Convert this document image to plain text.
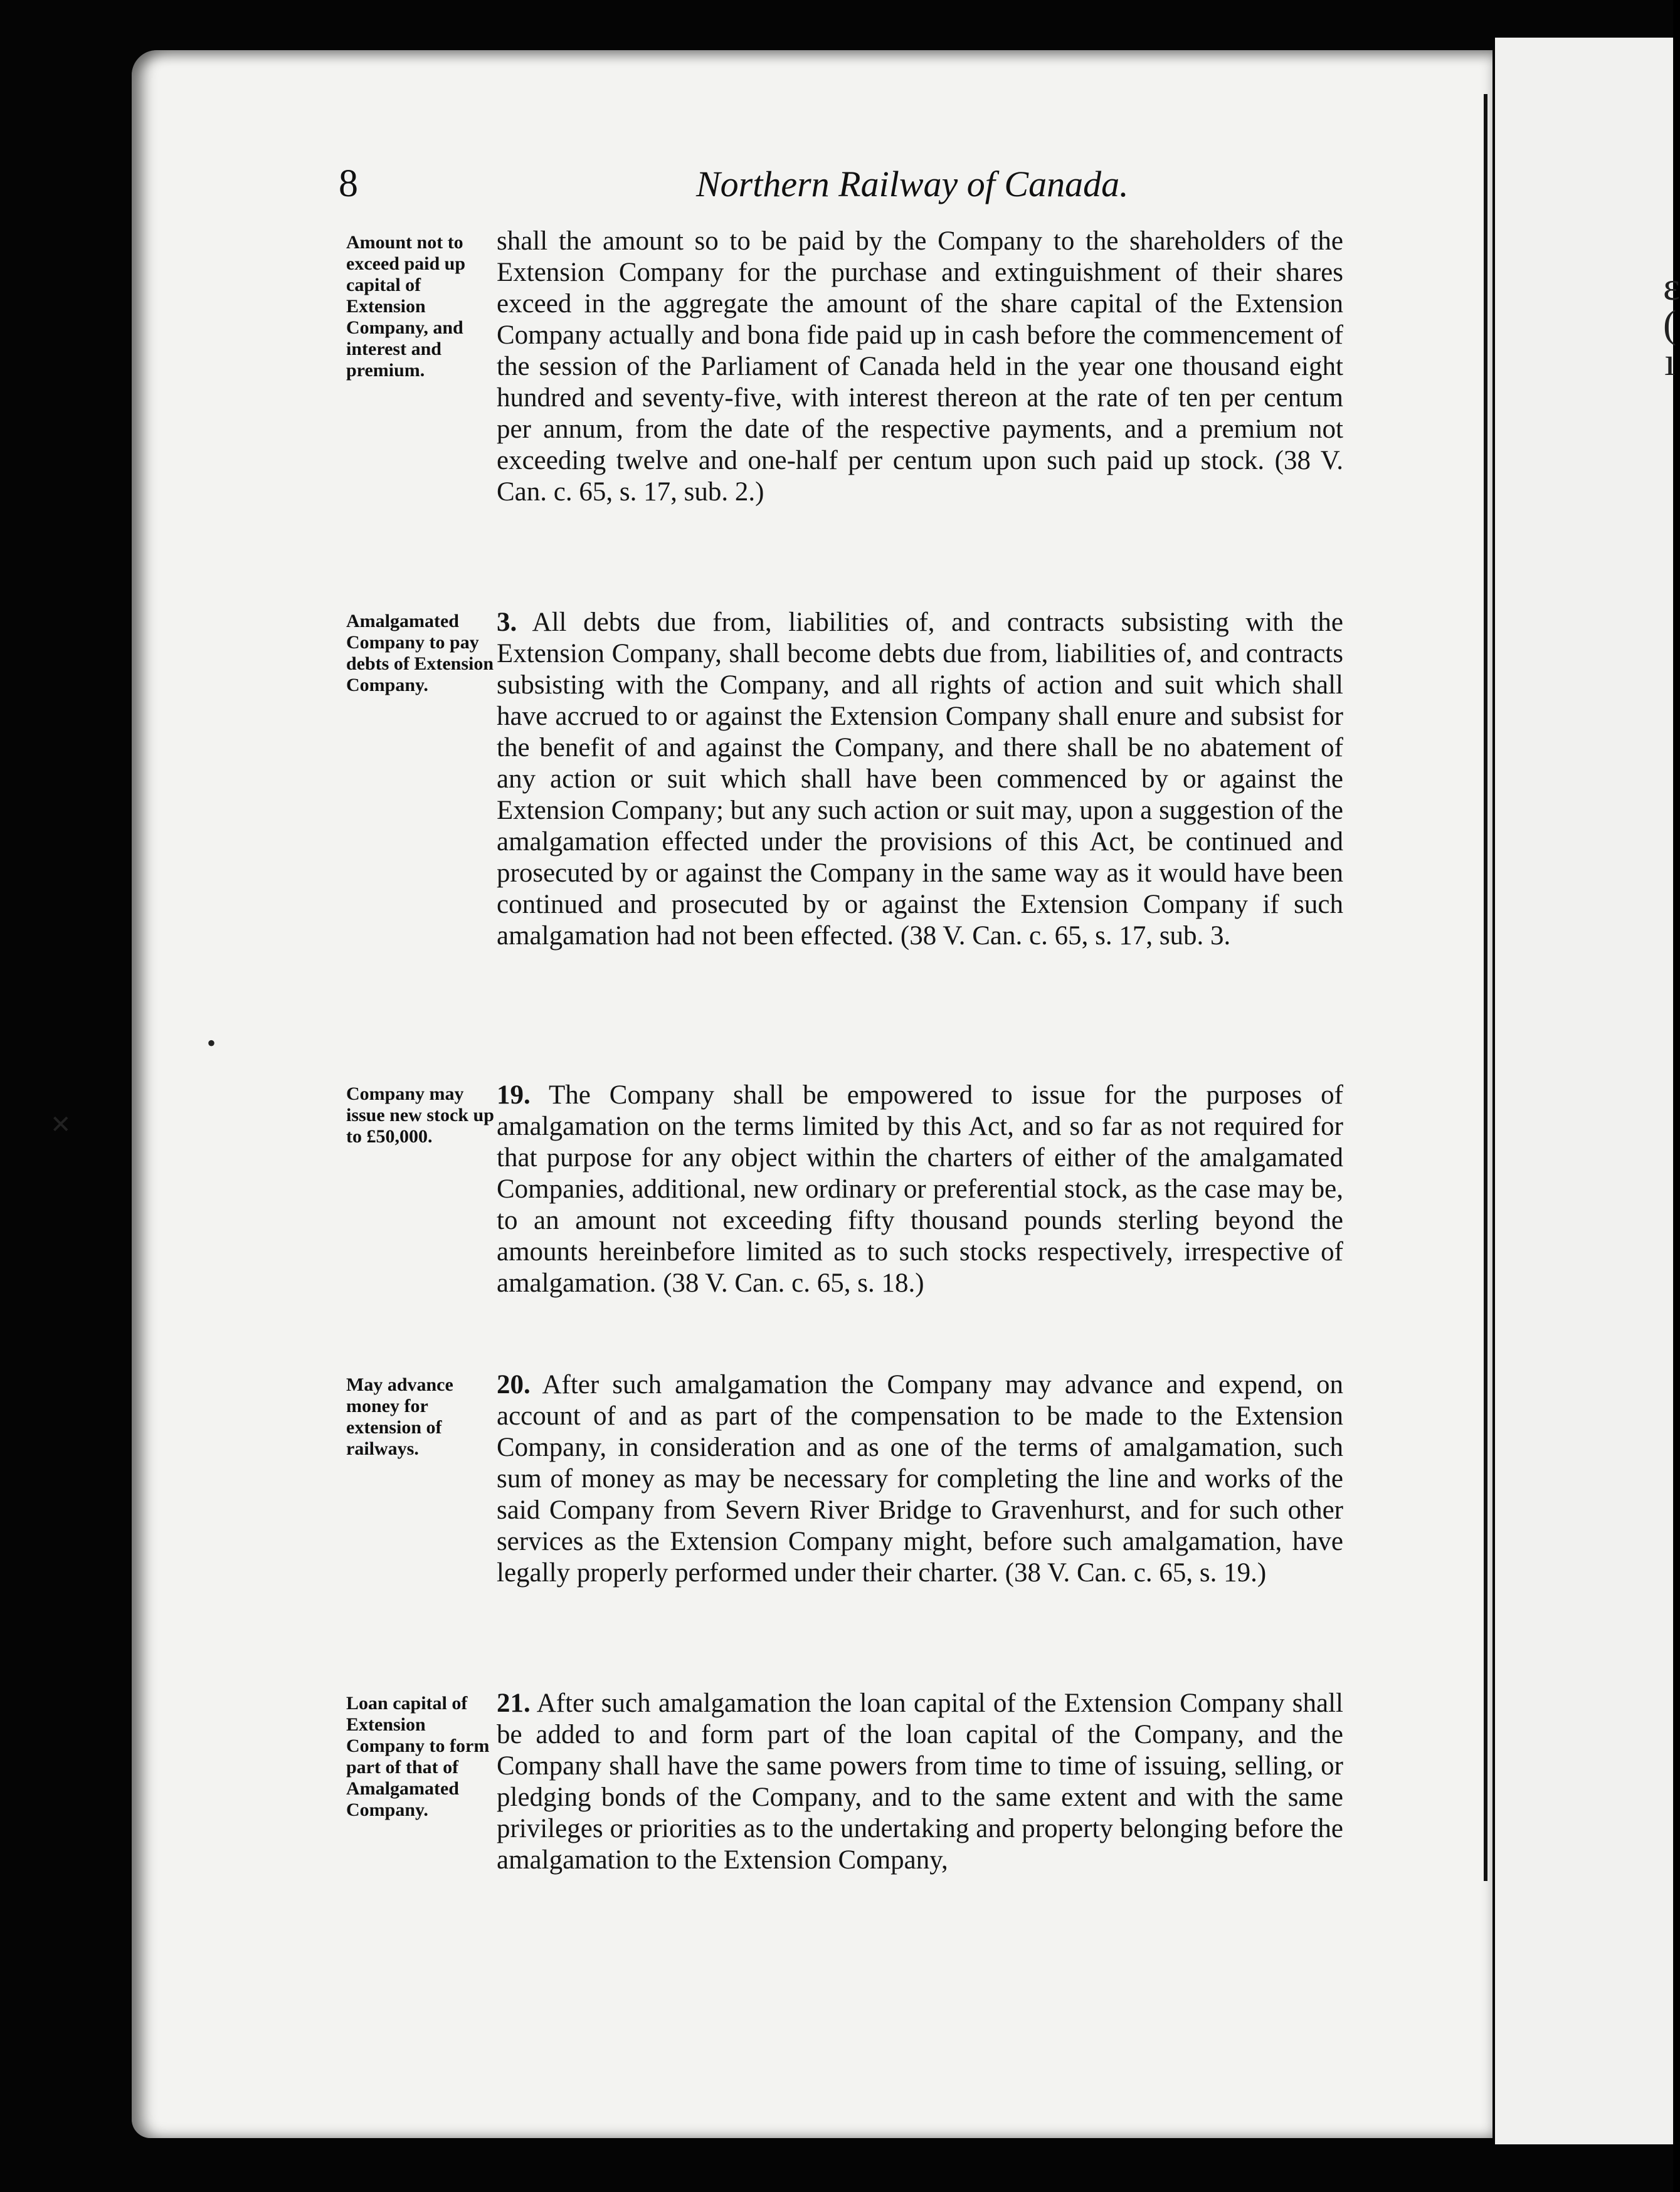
ɛ
(
ı
•
✕
8	Northern Railway of Canada.
Amount not to exceed paid up capital of Extension Company, and interest and premium.
shall the amount so to be paid by the Company to the shareholders of the Extension Company for the purchase and extinguishment of their shares exceed in the aggregate the amount of the share capital of the Extension Company actually and bona fide paid up in cash before the commencement of the session of the Parliament of Canada held in the year one thousand eight hundred and seventy-five, with interest thereon at the rate of ten per centum per annum, from the date of the respective payments, and a premium not exceeding twelve and one-half per centum upon such paid up stock. (38 V. Can. c. 65, s. 17, sub. 2.)
Amalgamated Company to pay debts of Extension Company.
3. All debts due from, liabilities of, and contracts subsisting with the Extension Company, shall become debts due from, liabilities of, and contracts subsisting with the Company, and all rights of action and suit which shall have accrued to or against the Extension Company shall enure and subsist for the benefit of and against the Company, and there shall be no abatement of any action or suit which shall have been commenced by or against the Extension Company; but any such action or suit may, upon a suggestion of the amalgamation effected under the provisions of this Act, be continued and prosecuted by or against the Company in the same way as it would have been continued and prosecuted by or against the Extension Company if such amalgamation had not been effected. (38 V. Can. c. 65, s. 17, sub. 3.
Company may issue new stock up to £50,000.
19. The Company shall be empowered to issue for the purposes of amalgamation on the terms limited by this Act, and so far as not required for that purpose for any object within the charters of either of the amalgamated Companies, additional, new ordinary or preferential stock, as the case may be, to an amount not exceeding fifty thousand pounds sterling beyond the amounts hereinbefore limited as to such stocks respectively, irrespective of amalgamation. (38 V. Can. c. 65, s. 18.)
May advance money for extension of railways.
20. After such amalgamation the Company may advance and expend, on account of and as part of the compensation to be made to the Extension Company, in consideration and as one of the terms of amalgamation, such sum of money as may be necessary for completing the line and works of the said Company from Severn River Bridge to Gravenhurst, and for such other services as the Extension Company might, before such amalgamation, have legally properly performed under their charter. (38 V. Can. c. 65, s. 19.)
Loan capital of Extension Company to form part of that of Amalgamated Company.
21. After such amalgamation the loan capital of the Extension Company shall be added to and form part of the loan capital of the Company, and the Company shall have the same powers from time to time of issuing, selling, or pledging bonds of the Company, and to the same extent and with the same privileges or priorities as to the undertaking and property belonging before the amalgamation to the Extension Company,
